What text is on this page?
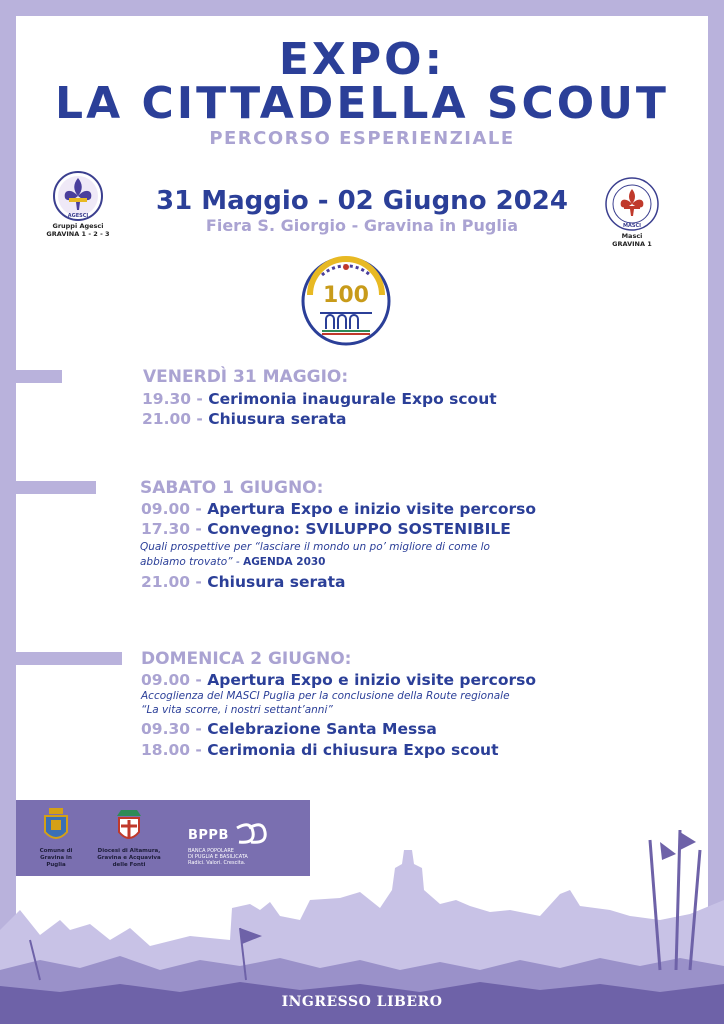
EXPO:
LA CITTADELLA SCOUT
PERCORSO ESPERIENZIALE
31 Maggio - 02 Giugno 2024
Fiera S. Giorgio - Gravina in Puglia
AGESCI
Gruppi Agesci
GRAVINA 1 - 2 - 3
MASCI
Masci
GRAVINA 1
100
VENERDÌ 31 MAGGIO:
19.30 - Cerimonia inaugurale Expo scout
21.00 - Chiusura serata
SABATO 1 GIUGNO:
09.00 - Apertura Expo e inizio visite percorso
17.30 - Convegno: SVILUPPO SOSTENIBILE
Quali prospettive per “lasciare il mondo un po’ migliore di come lo
abbiamo trovato” - AGENDA 2030
21.00 - Chiusura serata
DOMENICA 2 GIUGNO:
09.00 - Apertura Expo e inizio visite percorso
Accoglienza del MASCI Puglia per la conclusione della Route regionale
“La vita scorre, i nostri settant’anni”
09.30 - Celebrazione Santa Messa
18.00 - Cerimonia di chiusura Expo scout
Comune di
Gravina in Puglia
Diocesi di Altamura,
Gravina e Acquaviva
delle Fonti
BPPB
BANCA POPOLARE
DI PUGLIA E BASILICATA
Radici. Valori. Crescita.
INGRESSO LIBERO
